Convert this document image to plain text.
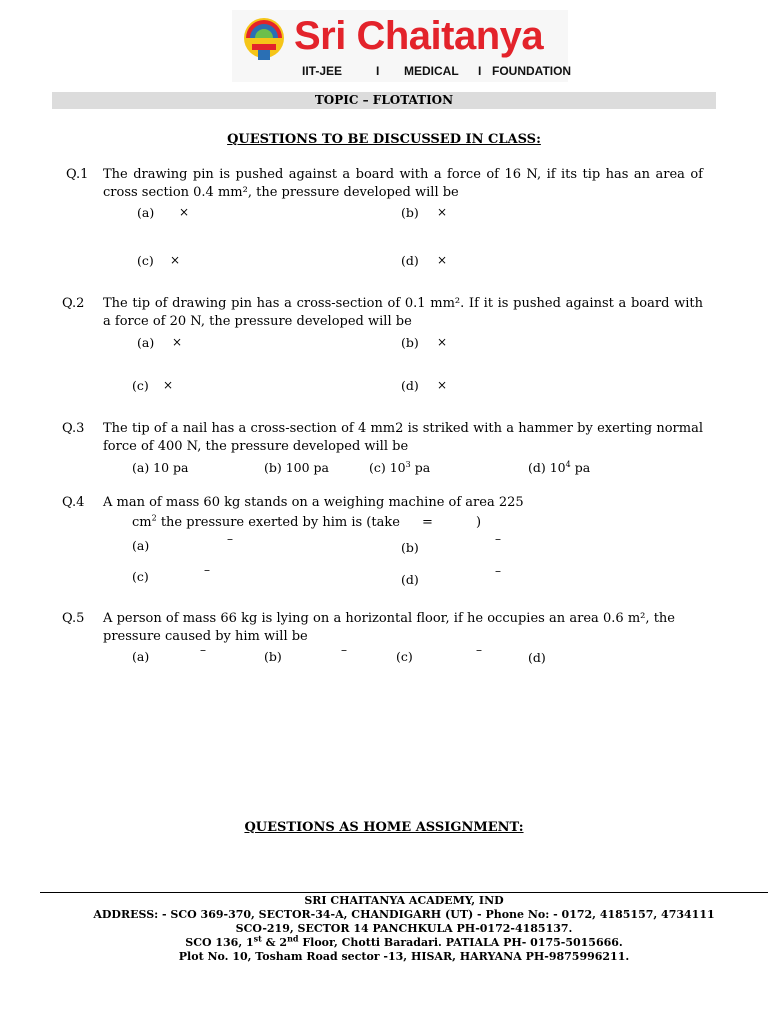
Sri Chaitanya
IIT-JEE	I MEDICAL I FOUNDATION
TOPIC – FLOTATION
QUESTIONS TO BE DISCUSSED IN CLASS:
Q.1 The drawing pin is pushed against a board with a force of 16 N, if its tip has an area of cross section 0.4 mm², the pressure developed will be
(a) ×	(b) ×
(c) ×	(d) ×
Q.2 The tip of drawing pin has a cross-section of 0.1 mm². If it is pushed against a board with a force of 20 N, the pressure developed will be
(a) ×	(b) ×
(c) ×	(d) ×
Q.3 The tip of a nail has a cross-section of 4 mm2 is striked with a hammer by exerting normal force of 400 N, the pressure developed will be
(a) 10 pa	(b) 100 pa	(c) $10^3$ pa	(d) $10^4$ pa
Q.4 A man of mass 60 kg stands on a weighing machine of area 225
$cm^2$ the pressure exerted by him is (take =	)
(a)	–
(b)
–
(c)	–
(d)
–
Q.5 A person of mass 66 kg is lying on a horizontal floor, if he occupies an area 0.6 m², the pressure caused by him will be
(a)	–	(b)	–	(c)	–	(d)
QUESTIONS AS HOME ASSIGNMENT:
SRI CHAITANYA ACADEMY, IND
ADDRESS: - SCO 369-370, SECTOR-34-A, CHANDIGARH (UT) - Phone No: - 0172, 4185157, 4734111
SCO-219, SECTOR 14 PANCHKULA PH-0172-4185137.
SCO 136, 1st & 2nd Floor, Chotti Baradari. PATIALA PH- 0175-5015666.
Plot No. 10, Tosham Road sector -13, HISAR, HARYANA PH-9875996211.
